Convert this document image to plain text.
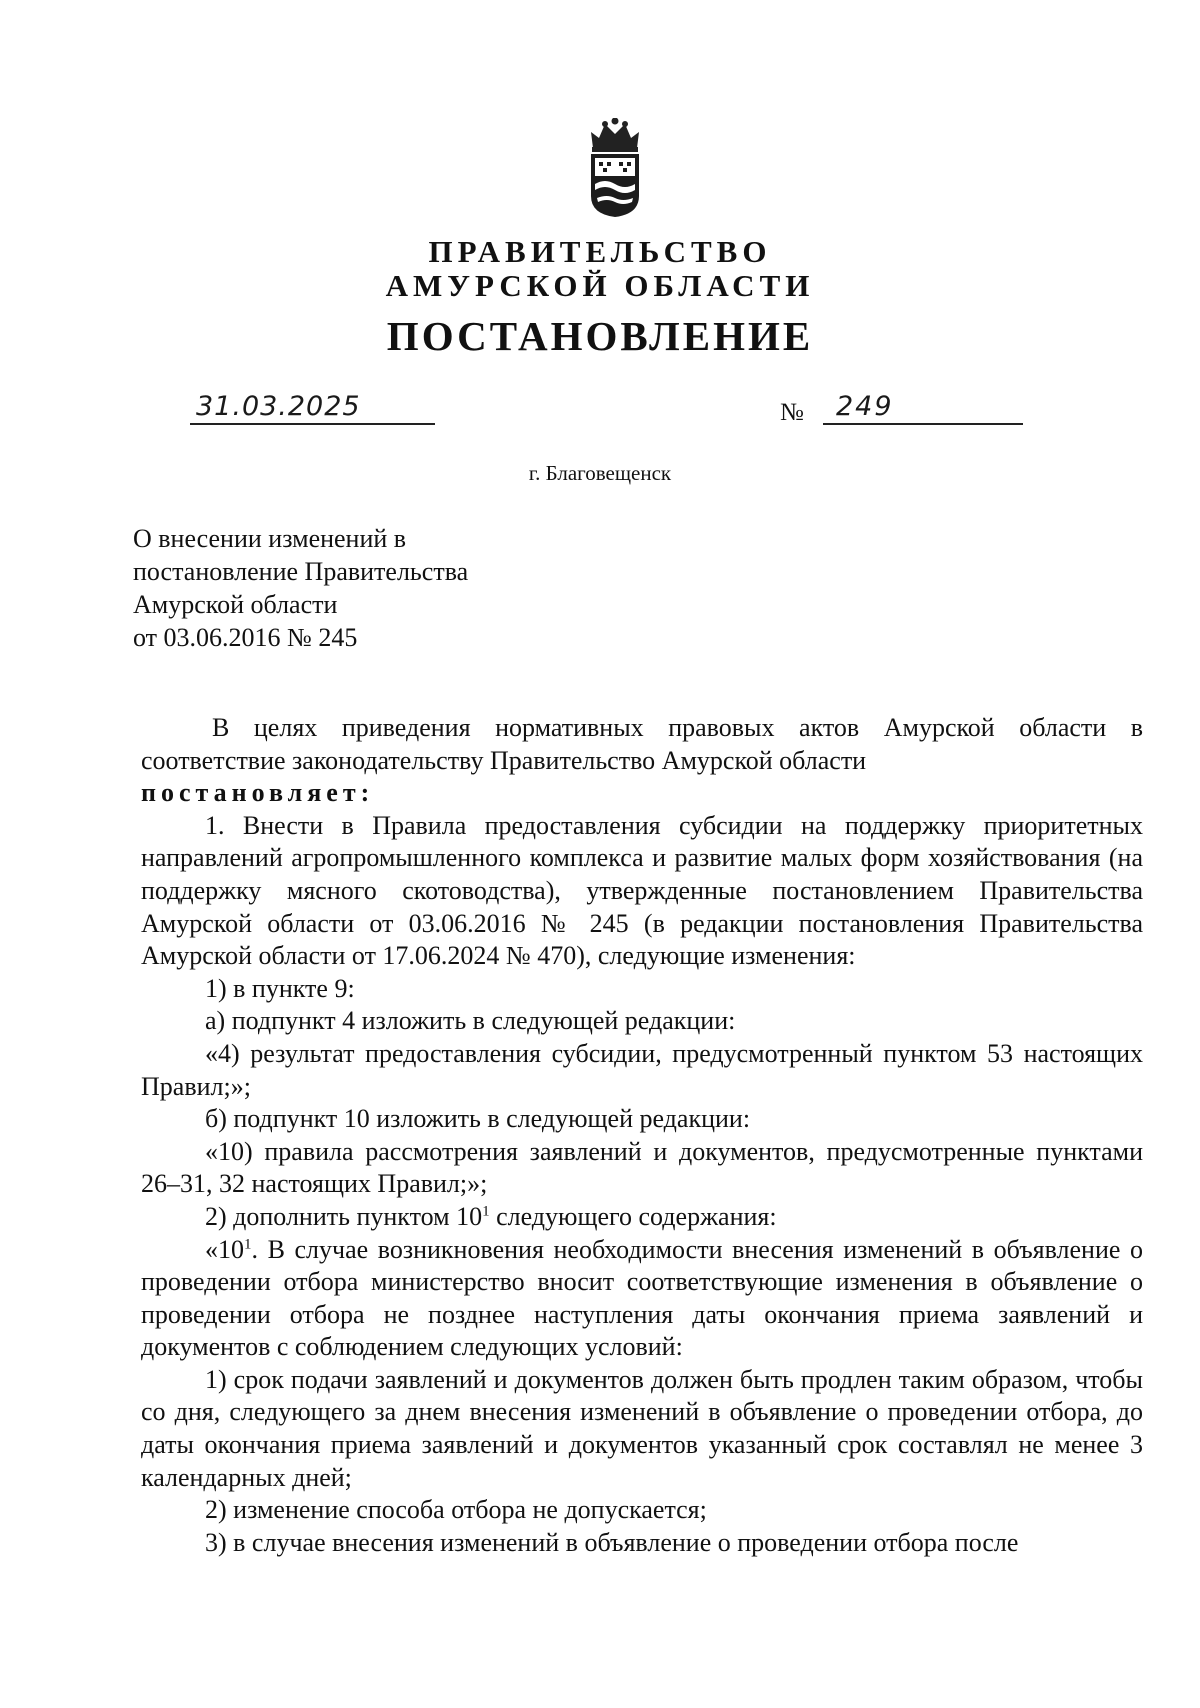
ПРАВИТЕЛЬСТВО
АМУРСКОЙ ОБЛАСТИ
ПОСТАНОВЛЕНИЕ
31.03.2025	№ 249
г. Благовещенск
О внесении изменений в
постановление Правительства
Амурской области
от 03.06.2016 № 245

В целях приведения нормативных правовых актов Амурской области в соответствие законодательству Правительство Амурской области

постановляет:

1. Внести в Правила предоставления субсидии на поддержку приоритетных направлений агропромышленного комплекса и развитие малых форм хозяйствования (на поддержку мясного скотоводства), утвержденные постановлением Правительства Амурской области от 03.06.2016 № 245 (в редакции постановления Правительства Амурской области от 17.06.2024 № 470), следующие изменения:

1) в пункте 9:

а) подпункт 4 изложить в следующей редакции:

«4) результат предоставления субсидии, предусмотренный пунктом 53 настоящих Правил;»;

б) подпункт 10 изложить в следующей редакции:

«10) правила рассмотрения заявлений и документов, предусмотренные пунктами 26–31, 32 настоящих Правил;»;

2) дополнить пунктом $10^1$ следующего содержания:

«$10^1$. В случае возникновения необходимости внесения изменений в объявление о проведении отбора министерство вносит соответствующие изменения в объявление о проведении отбора не позднее наступления даты окончания приема заявлений и документов с соблюдением следующих условий:

1) срок подачи заявлений и документов должен быть продлен таким образом, чтобы со дня, следующего за днем внесения изменений в объявление о проведении отбора, до даты окончания приема заявлений и документов указанный срок составлял не менее 3 календарных дней;

2) изменение способа отбора не допускается;

3) в случае внесения изменений в объявление о проведении отбора после
